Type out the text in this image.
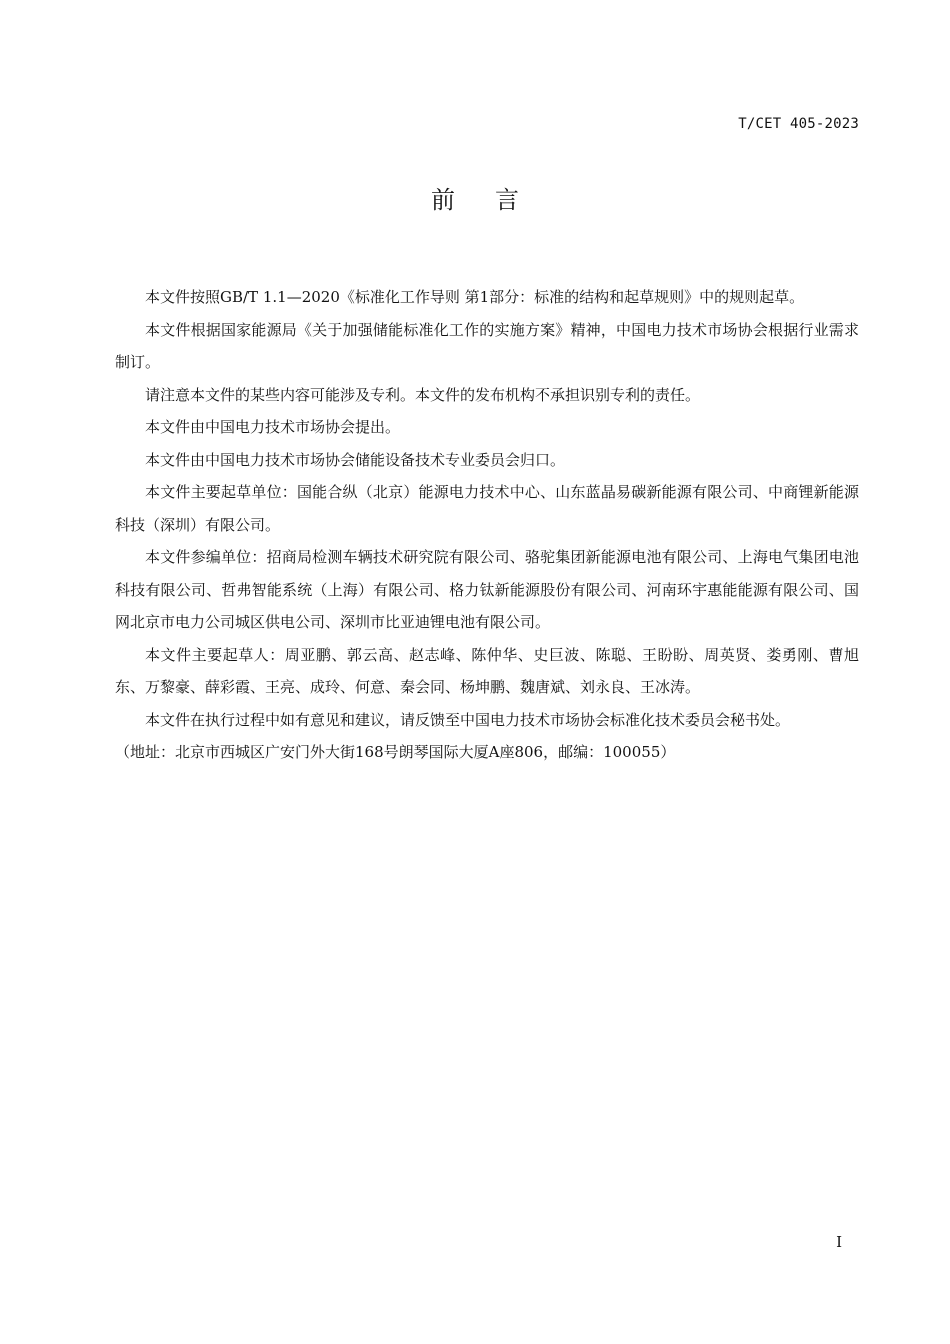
T/CET 405-2023
前言

本文件按照GB/T 1.1—2020《标准化工作导则 第1部分：标准的结构和起草规则》中的规则起草。

本文件根据国家能源局《关于加强储能标准化工作的实施方案》精神，中国电力技术市场协会根据行业需求制订。

请注意本文件的某些内容可能涉及专利。本文件的发布机构不承担识别专利的责任。

本文件由中国电力技术市场协会提出。

本文件由中国电力技术市场协会储能设备技术专业委员会归口。

本文件主要起草单位：国能合纵（北京）能源电力技术中心、山东蓝晶易碳新能源有限公司、中商锂新能源科技（深圳）有限公司。

本文件参编单位：招商局检测车辆技术研究院有限公司、骆驼集团新能源电池有限公司、上海电气集团电池科技有限公司、哲弗智能系统（上海）有限公司、格力钛新能源股份有限公司、河南环宇惠能能源有限公司、国网北京市电力公司城区供电公司、深圳市比亚迪锂电池有限公司。

本文件主要起草人：周亚鹏、郭云高、赵志峰、陈仲华、史巨波、陈聪、王盼盼、周英贤、娄勇刚、曹旭东、万黎豪、薛彩霞、王亮、成玲、何意、秦会同、杨坤鹏、魏唐斌、刘永良、王冰涛。

本文件在执行过程中如有意见和建议，请反馈至中国电力技术市场协会标准化技术委员会秘书处。

（地址：北京市西城区广安门外大街168号朗琴国际大厦A座806，邮编：100055）

I
